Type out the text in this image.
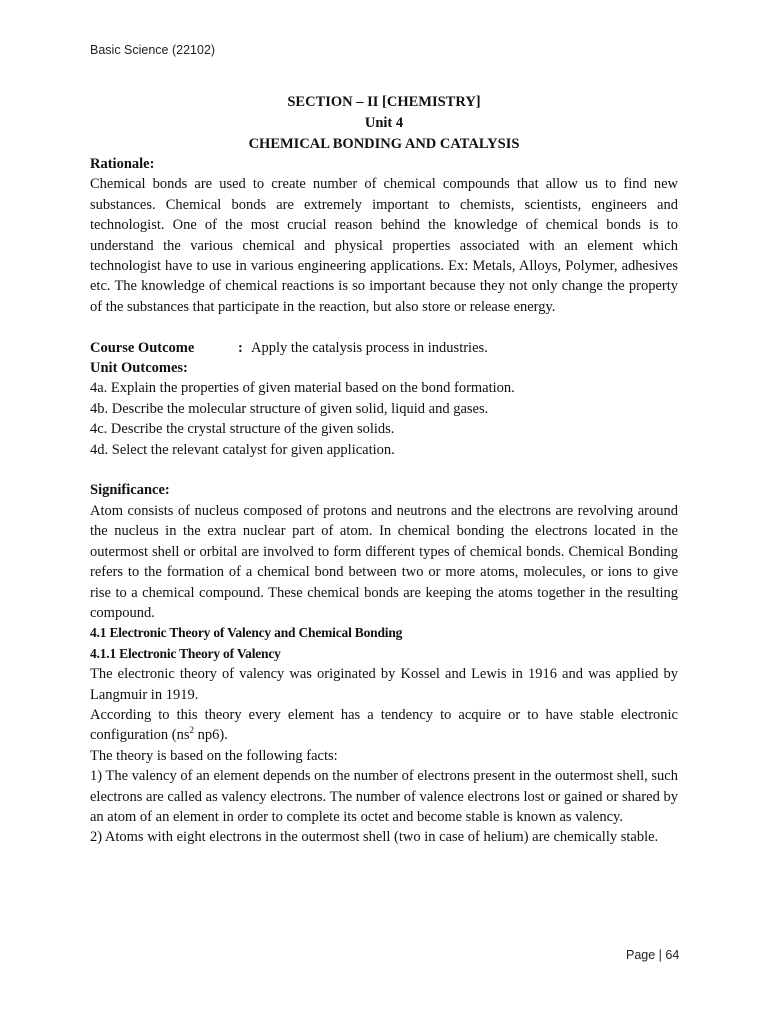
Basic Science (22102)
SECTION – II [CHEMISTRY]
Unit 4
CHEMICAL BONDING AND CATALYSIS

Rationale:

Chemical bonds are used to create number of chemical compounds that allow us to find new substances. Chemical bonds are extremely important to chemists, scientists, engineers and technologist. One of the most crucial reason behind the knowledge of chemical bonds is to understand the various chemical and physical properties associated with an element which technologist have to use in various engineering applications. Ex: Metals, Alloys, Polymer, adhesives etc. The knowledge of chemical reactions is so important because they not only change the property of the substances that participate in the reaction, but also store or release energy.

Course Outcome	: Apply the catalysis process in industries.

Unit Outcomes:

4a. Explain the properties of given material based on the bond formation.

4b. Describe the molecular structure of given solid, liquid and gases.

4c. Describe the crystal structure of the given solids.

4d. Select the relevant catalyst for given application.

Significance:

Atom consists of nucleus composed of protons and neutrons and the electrons are revolving around the nucleus in the extra nuclear part of atom. In chemical bonding the electrons located in the outermost shell or orbital are involved to form different types of chemical bonds. Chemical Bonding refers to the formation of a chemical bond between two or more atoms, molecules, or ions to give rise to a chemical compound. These chemical bonds are keeping the atoms together in the resulting compound.

4.1 Electronic Theory of Valency and Chemical Bonding

4.1.1 Electronic Theory of Valency

The electronic theory of valency was originated by Kossel and Lewis in 1916 and was applied by Langmuir in 1919.

According to this theory every element has a tendency to acquire or to have stable electronic configuration ($ns^2$ np6).

The theory is based on the following facts:

1) The valency of an element depends on the number of electrons present in the outermost shell, such electrons are called as valency electrons. The number of valence electrons lost or gained or shared by an atom of an element in order to complete its octet and become stable is known as valency.

2) Atoms with eight electrons in the outermost shell (two in case of helium) are chemically stable.

Page | 64
